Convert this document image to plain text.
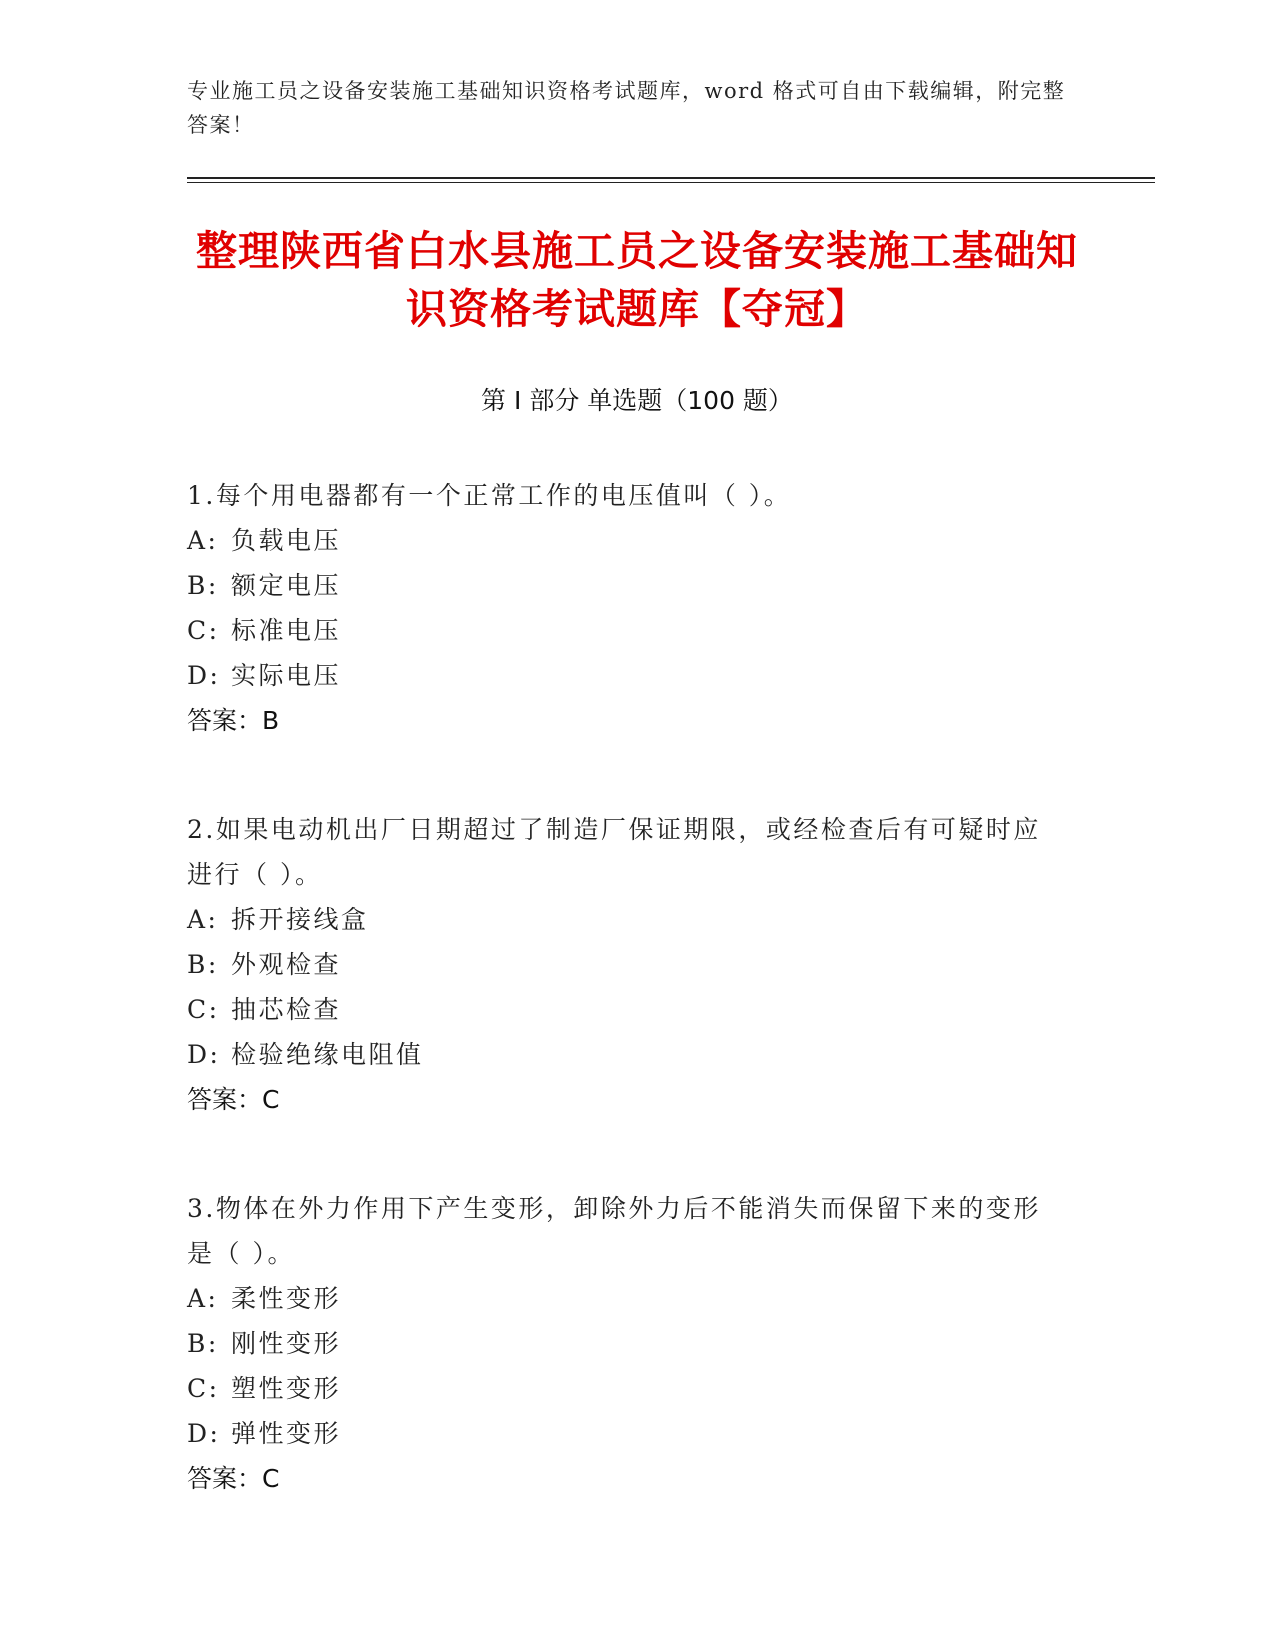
专业施工员之设备安装施工基础知识资格考试题库，word 格式可自由下载编辑，附完整答案！
整理陕西省白水县施工员之设备安装施工基础知识资格考试题库【夺冠】
第 I 部分 单选题（100 题）
1.每个用电器都有一个正常工作的电压值叫（ ）。
A: 负载电压
B: 额定电压
C: 标准电压
D: 实际电压
答案：B
2.如果电动机出厂日期超过了制造厂保证期限，或经检查后有可疑时应进行（ ）。
A: 拆开接线盒
B: 外观检查
C: 抽芯检查
D: 检验绝缘电阻值
答案：C
3.物体在外力作用下产生变形，卸除外力后不能消失而保留下来的变形是（ ）。
A: 柔性变形
B: 刚性变形
C: 塑性变形
D: 弹性变形
答案：C
